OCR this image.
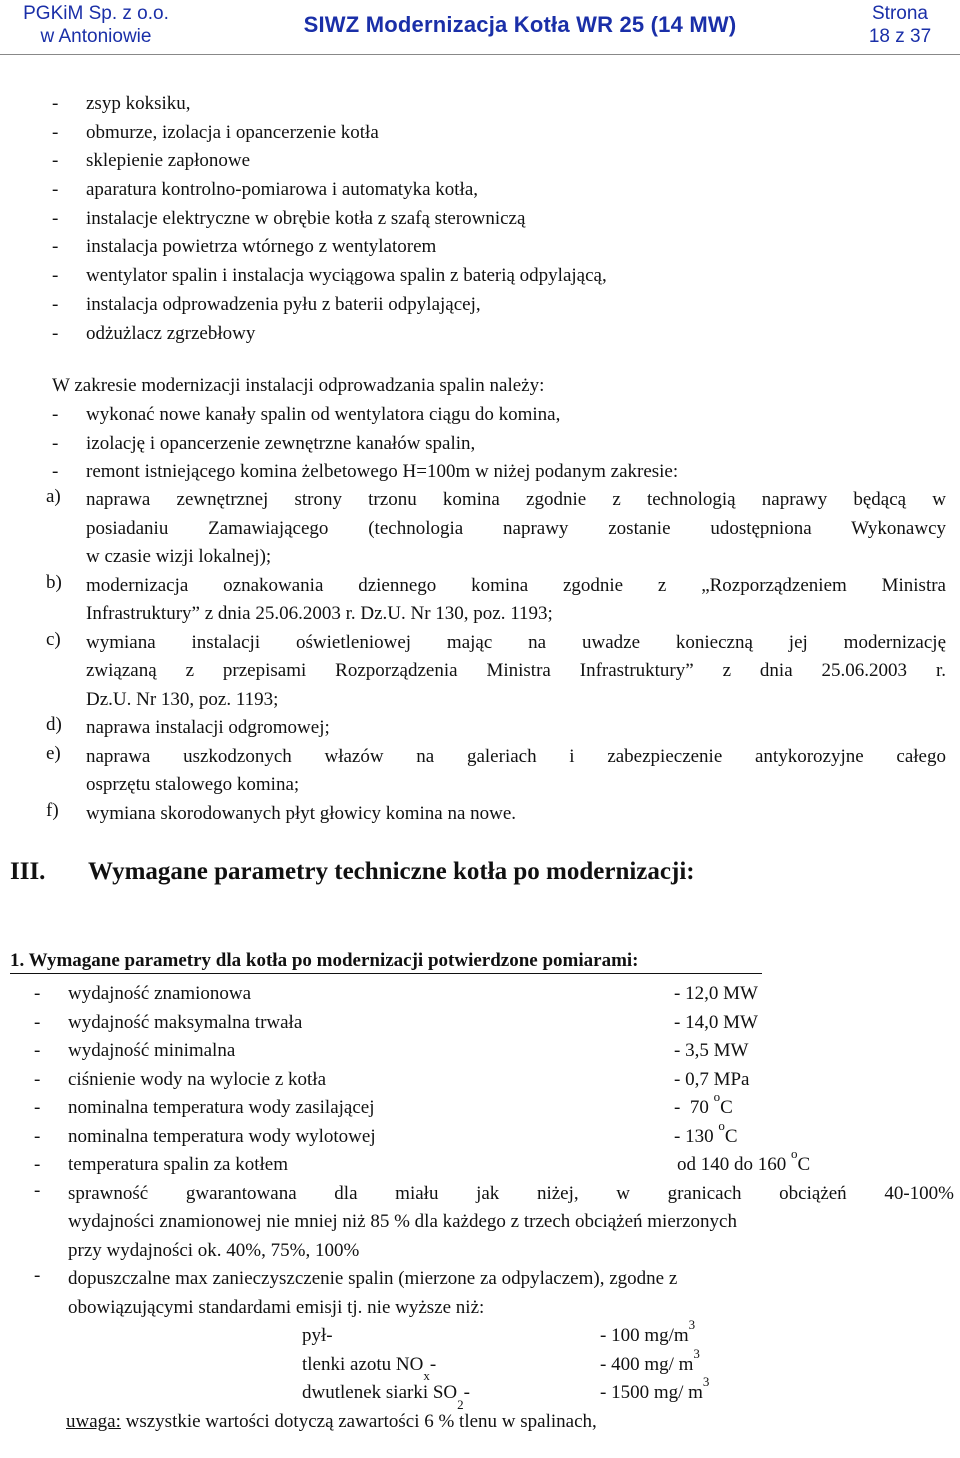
PGKiM Sp. z o.o.
w Antoniowie	SIWZ Modernizacja Kotła WR 25 (14 MW)	Strona
18 z 37
- zsyp koksiku,
- obmurze, izolacja i opancerzenie kotła
- sklepienie zapłonowe
- aparatura kontrolno-pomiarowa i automatyka kotła,
- instalacje elektryczne w obrębie kotła z szafą sterowniczą
- instalacja powietrza wtórnego z wentylatorem
- wentylator spalin i instalacja wyciągowa spalin z baterią odpylającą,
- instalacja odprowadzenia pyłu z baterii odpylającej,
- odżużlacz zgrzebłowy
W zakresie modernizacji instalacji odprowadzania spalin należy:
- wykonać nowe kanały spalin od wentylatora ciągu do komina,
- izolację i opancerzenie zewnętrzne kanałów spalin,
- remont istniejącego komina żelbetowego H=100m w niżej podanym zakresie:
a) naprawa zewnętrznej strony trzonu komina zgodnie z technologią naprawy będącą w
posiadaniu Zamawiającego (technologia naprawy zostanie udostępniona Wykonawcy
w czasie wizji lokalnej);
b) modernizacja oznakowania dziennego komina zgodnie z „Rozporządzeniem Ministra
Infrastruktury” z dnia 25.06.2003 r. Dz.U. Nr 130, poz. 1193;
c) wymiana instalacji oświetleniowej mając na uwadze konieczną jej modernizację
związaną z przepisami Rozporządzenia Ministra Infrastruktury” z dnia 25.06.2003 r.
Dz.U. Nr 130, poz. 1193;
d) naprawa instalacji odgromowej;
e) naprawa uszkodzonych włazów na galeriach i zabezpieczenie antykorozyjne całego
osprzętu stalowego komina;
f) wymiana skorodowanych płyt głowicy komina na nowe.
III. Wymagane parametry techniczne kotła po modernizacji:
1. Wymagane parametry dla kotła po modernizacji potwierdzone pomiarami:
- wydajność znamionowa	- 12,0 MW
- wydajność maksymalna trwała	- 14,0 MW
- wydajność minimalna	- 3,5 MW
- ciśnienie wody na wylocie z kotła	- 0,7 MPa
- nominalna temperatura wody zasilającej	-  70 $^o$C
- nominalna temperatura wody wylotowej	- 130 $^o$C
- temperatura spalin za kotłem	od 140 do 160 $^o$C
- sprawność gwarantowana dla miału jak niżej, w granicach obciążeń 40-100%
wydajności znamionowej nie mniej niż 85 % dla każdego z trzech obciążeń mierzonych
przy wydajności ok. 40%, 75%, 100%
- dopuszczalne max zanieczyszczenie spalin (mierzone za odpylaczem), zgodne z
obowiązującymi standardami emisji tj. nie wyższe niż:
pył-	- 100 $mg/m^3$
tlenki azotu $NO_x-$	- 400 mg/ $m^3$
dwutlenek siarki $SO_2-$	- 1500 mg/ $m^3$
uwaga: wszystkie wartości dotyczą zawartości 6 % tlenu w spalinach,
